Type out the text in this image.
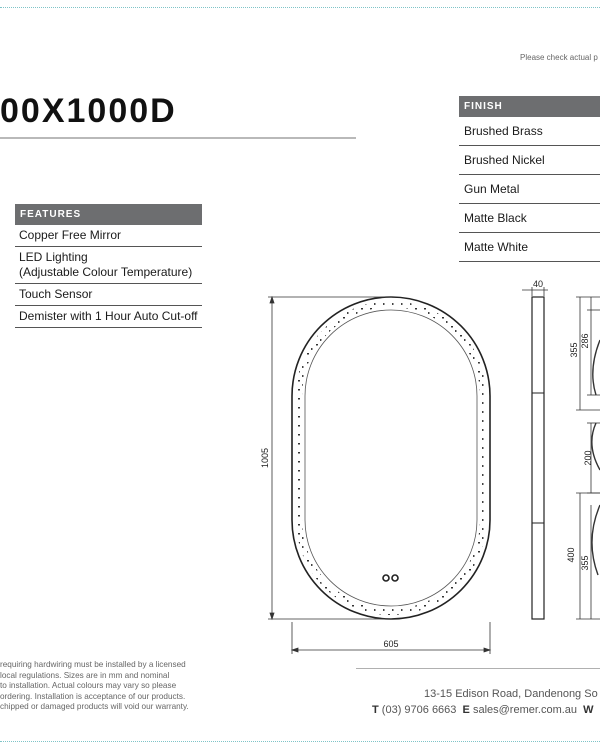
Please check actual p
00X1000D
FEATURES
Copper Free Mirror
LED Lighting
(Adjustable Colour Temperature)
Touch Sensor
Demister with 1 Hour Auto Cut-off
FINISH
Brushed Brass
Brushed Nickel
Gun Metal
Matte Black
Matte White
1005
605
40
355
286
200
400
355
requiring hardwiring must be installed by a licensed
local regulations. Sizes are in mm and nominal
to installation. Actual colours may vary so please
ordering. Installation is acceptance of our products.
chipped or damaged products will void our warranty.
13-15 Edison Road, Dandenong So
T (03) 9706 6663 E sales@remer.com.au W
